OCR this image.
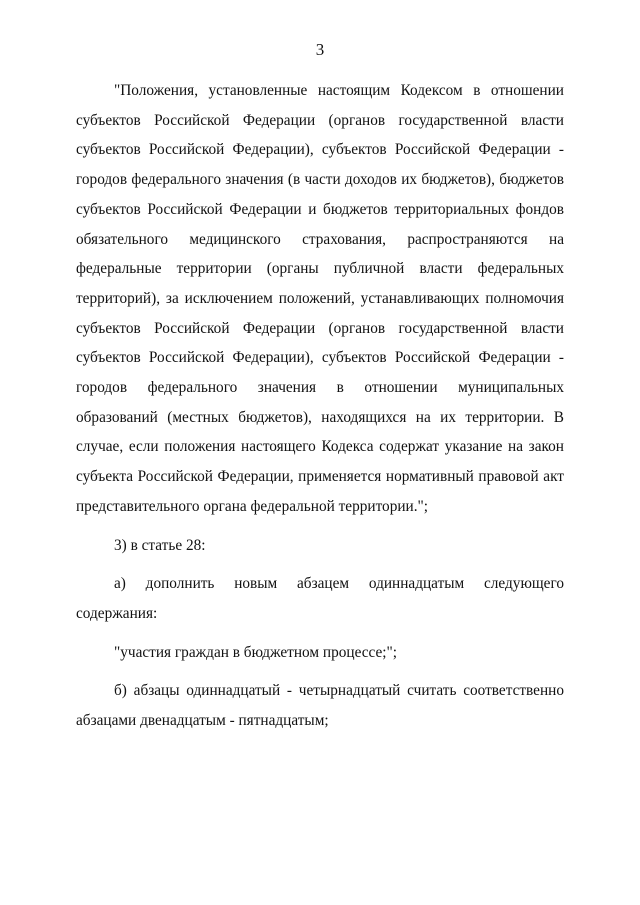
3

"Положения, установленные настоящим Кодексом в отношении субъектов Российской Федерации (органов государственной власти субъектов Российской Федерации), субъектов Российской Федерации - городов федерального значения (в части доходов их бюджетов), бюджетов субъектов Российской Федерации и бюджетов территориальных фондов обязательного медицинского страхования, распространяются на федеральные территории (органы публичной власти федеральных территорий), за исключением положений, устанавливающих полномочия субъектов Российской Федерации (органов государственной власти субъектов Российской Федерации), субъектов Российской Федерации - городов федерального значения в отношении муниципальных образований (местных бюджетов), находящихся на их территории. В случае, если положения настоящего Кодекса содержат указание на закон субъекта Российской Федерации, применяется нормативный правовой акт представительного органа федеральной территории.";

3) в статье 28:

а) дополнить новым абзацем одиннадцатым следующего содержания:

"участия граждан в бюджетном процессе;";

б) абзацы одиннадцатый - четырнадцатый считать соответственно абзацами двенадцатым - пятнадцатым;
